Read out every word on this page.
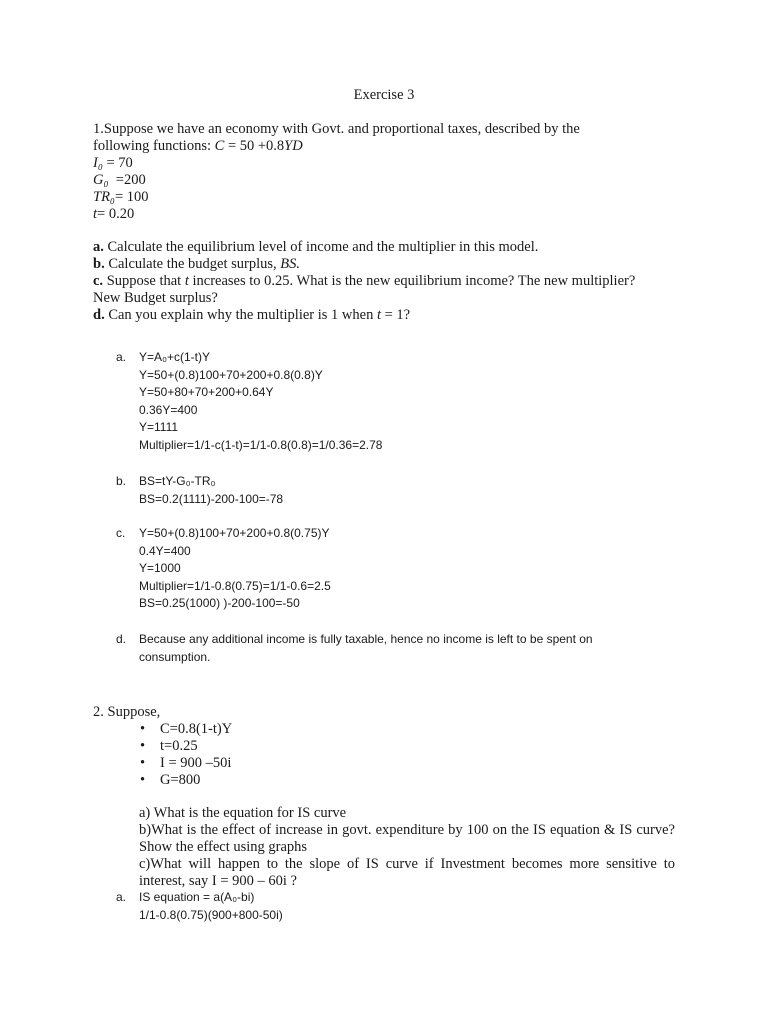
Exercise 3
1.Suppose we have an economy with Govt. and proportional taxes, described by the
following functions: C = 50 +0.8YD
I₀ = 70
G₀  =200
TR₀= 100
t= 0.20
a. Calculate the equilibrium level of income and the multiplier in this model.
b. Calculate the budget surplus, BS.
c. Suppose that t increases to 0.25. What is the new equilibrium income? The new multiplier?
New Budget surplus?
d. Can you explain why the multiplier is 1 when t = 1?
a.	Y=A₀+c(1-t)Y
Y=50+(0.8)100+70+200+0.8(0.8)Y
Y=50+80+70+200+0.64Y
0.36Y=400
Y=1111
Multiplier=1/1-c(1-t)=1/1-0.8(0.8)=1/0.36=2.78
b.	BS=tY-G₀-TR₀
BS=0.2(1111)-200-100=-78
c.	Y=50+(0.8)100+70+200+0.8(0.75)Y
0.4Y=400
Y=1000
Multiplier=1/1-0.8(0.75)=1/1-0.6=2.5
BS=0.25(1000) )-200-100=-50
d.	Because any additional income is fully taxable, hence no income is left to be spent on
consumption.
2. Suppose,
•	C=0.8(1-t)Y
•	t=0.25
•	I = 900 –50i
•	G=800
a) What is the equation for IS curve
b)What is the effect of increase in govt. expenditure by 100 on the IS equation & IS curve? Show the effect using graphs
c)What will happen to the slope of IS curve if Investment becomes more sensitive to interest, say I = 900 – 60i ?
a.	IS equation = a(A₀-bi)
1/1-0.8(0.75)(900+800-50i)
